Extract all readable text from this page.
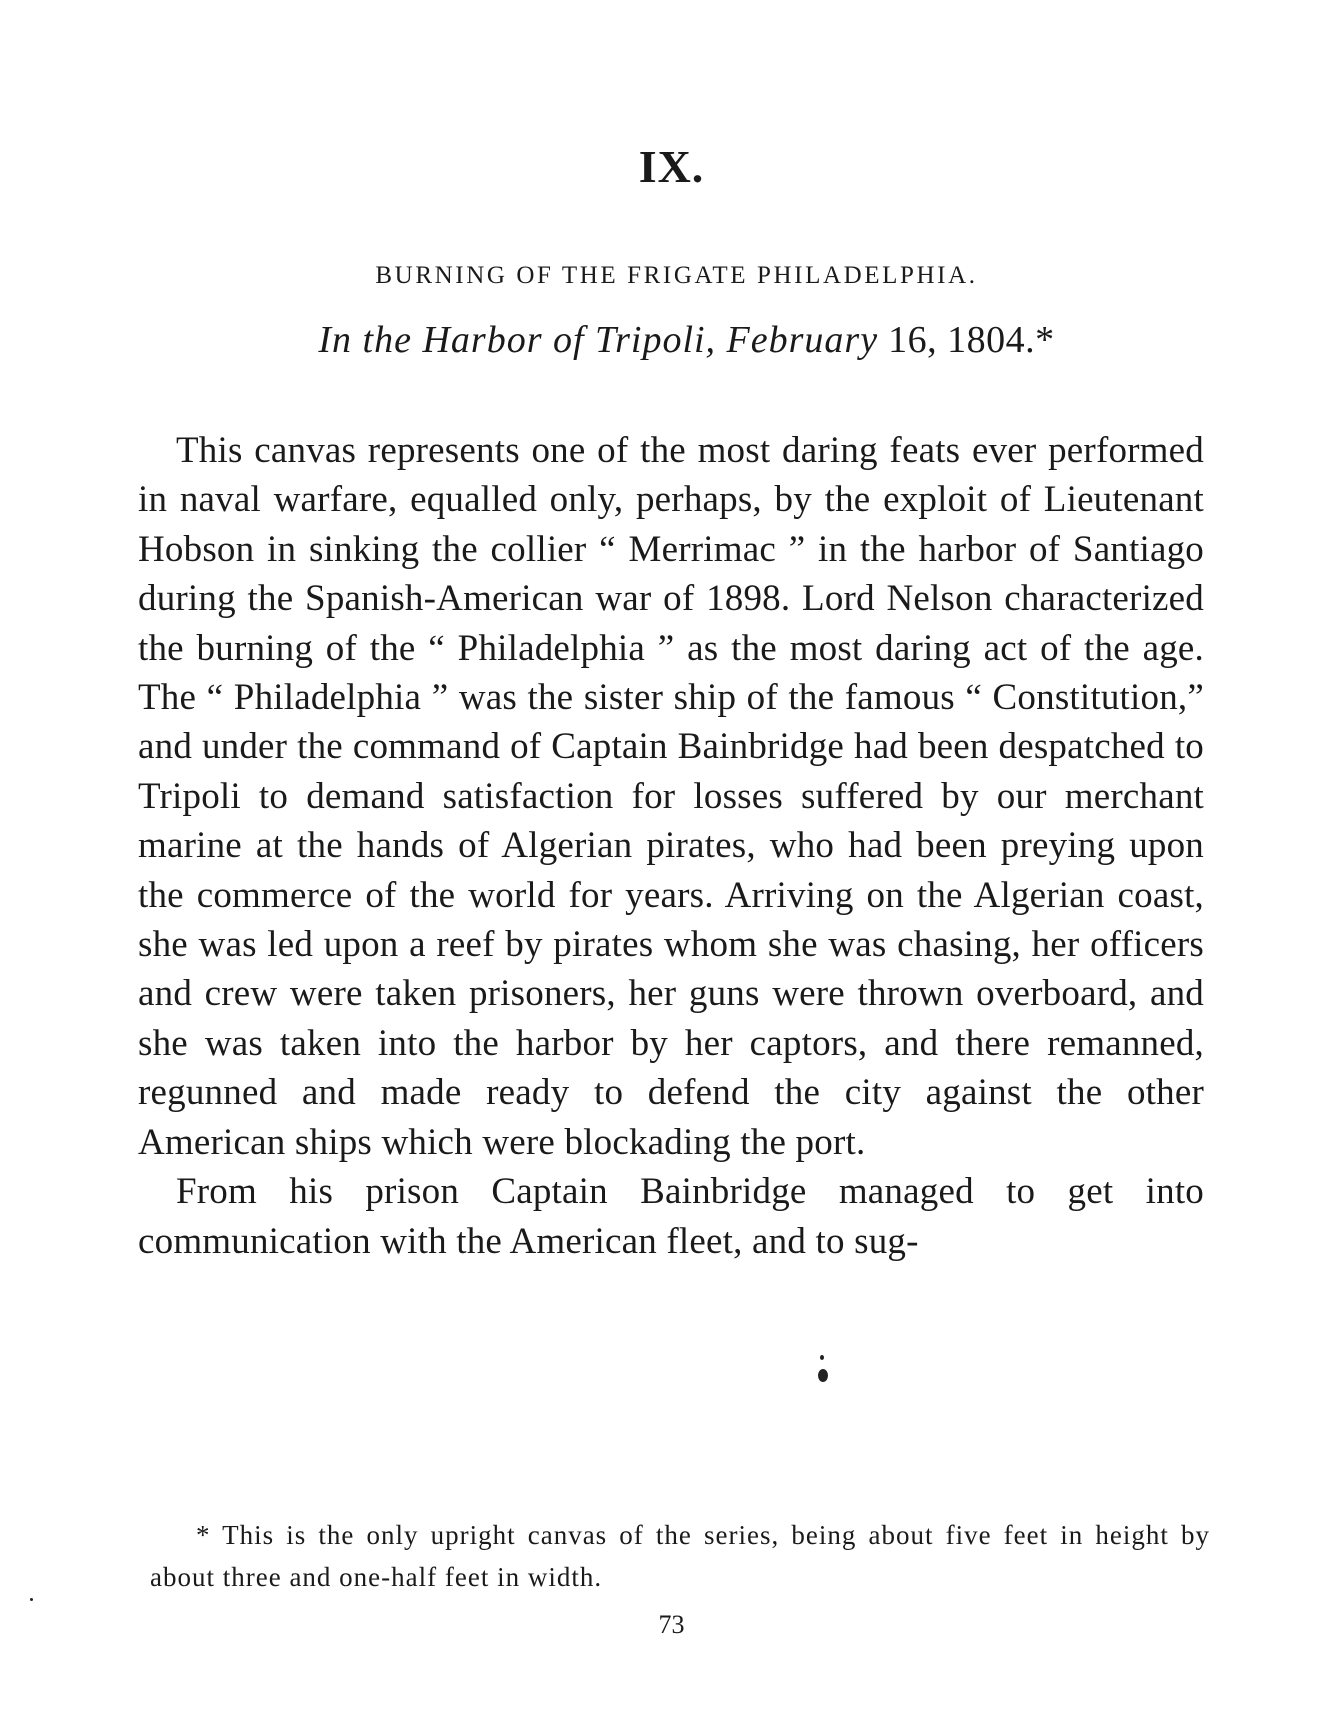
IX.
BURNING OF THE FRIGATE PHILADELPHIA.
In the Harbor of Tripoli, February 16, 1804.*

This canvas represents one of the most daring feats ever performed in naval warfare, equalled only, perhaps, by the exploit of Lieutenant Hobson in sinking the collier “ Merrimac ” in the harbor of Santiago during the Spanish-American war of 1898. Lord Nelson characterized the burning of the “ Philadelphia ” as the most daring act of the age. The “ Philadelphia ” was the sister ship of the famous “ Constitution,” and under the command of Captain Bainbridge had been despatched to Tripoli to demand satisfaction for losses suffered by our merchant marine at the hands of Algerian pirates, who had been preying upon the commerce of the world for years. Arriving on the Algerian coast, she was led upon a reef by pirates whom she was chasing, her officers and crew were taken prisoners, her guns were thrown overboard, and she was taken into the harbor by her captors, and there remanned, regunned and made ready to defend the city against the other American ships which were blockading the port.

From his prison Captain Bainbridge managed to get into communication with the American fleet, and to sug-

* This is the only upright canvas of the series, being about five feet in height by about three and one-half feet in width.

73
